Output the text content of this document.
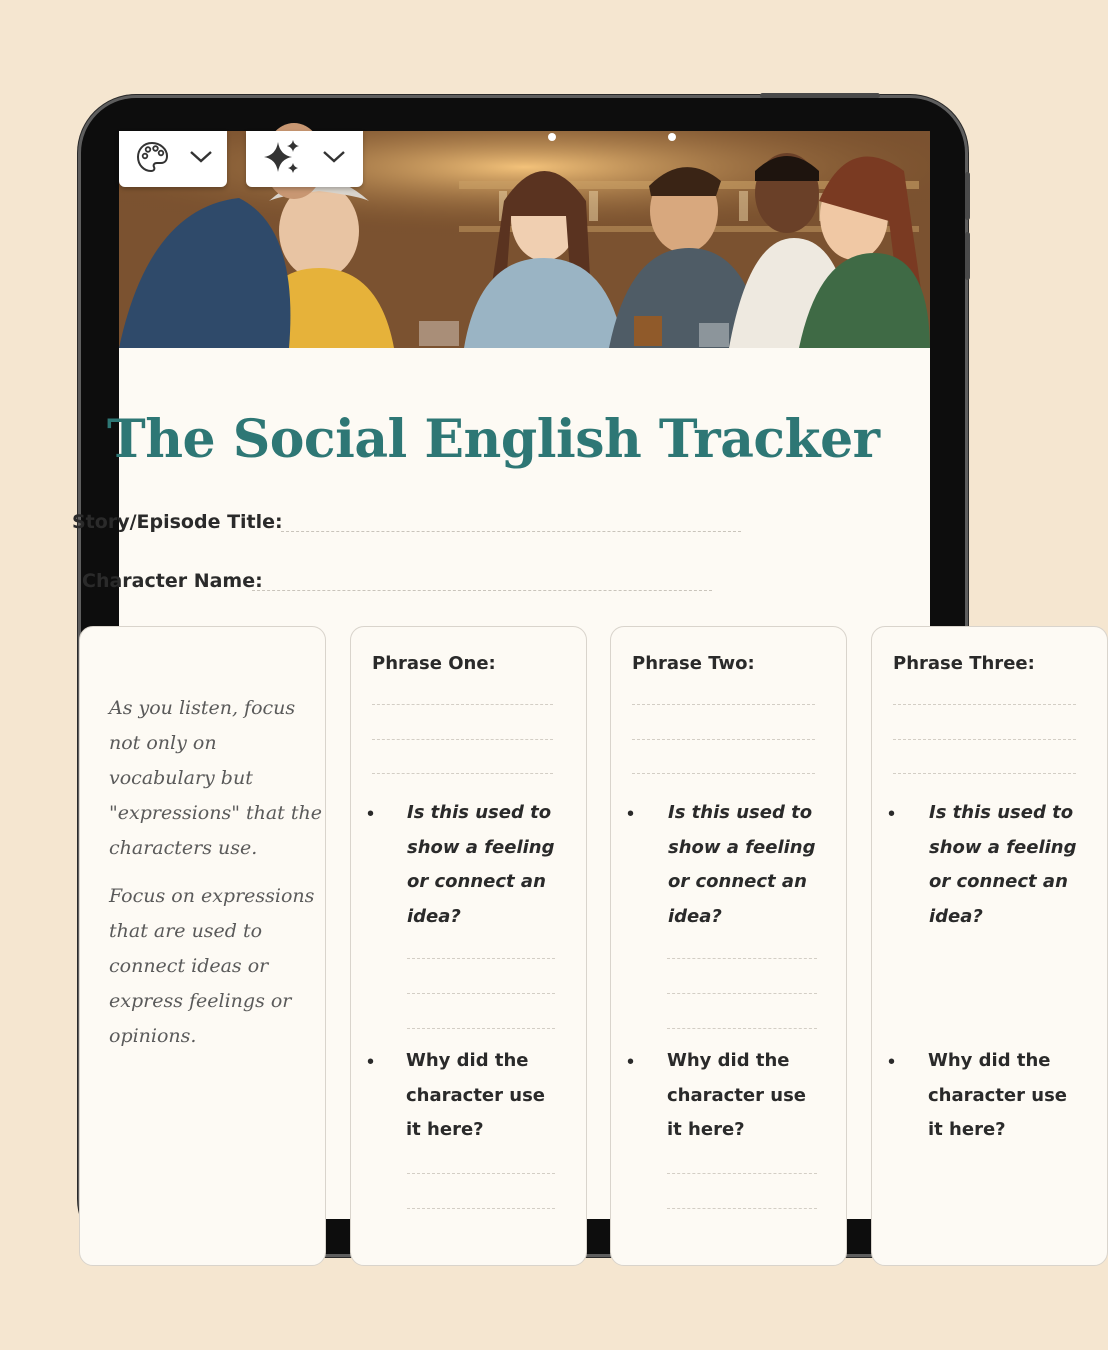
The Social English Tracker
Story/Episode Title:
Character Name:
As you listen, focus not only on vocabulary but "expressions" that the characters use.
Focus on expressions that are used to connect ideas or express feelings or opinions.
Phrase One:
• Is this used to show a feeling or connect an idea?
• Why did the character use it here?
Phrase Two:
• Is this used to show a feeling or connect an idea?
• Why did the character use it here?
Phrase Three:
• Is this used to show a feeling or connect an idea?
• Why did the character use it here?
